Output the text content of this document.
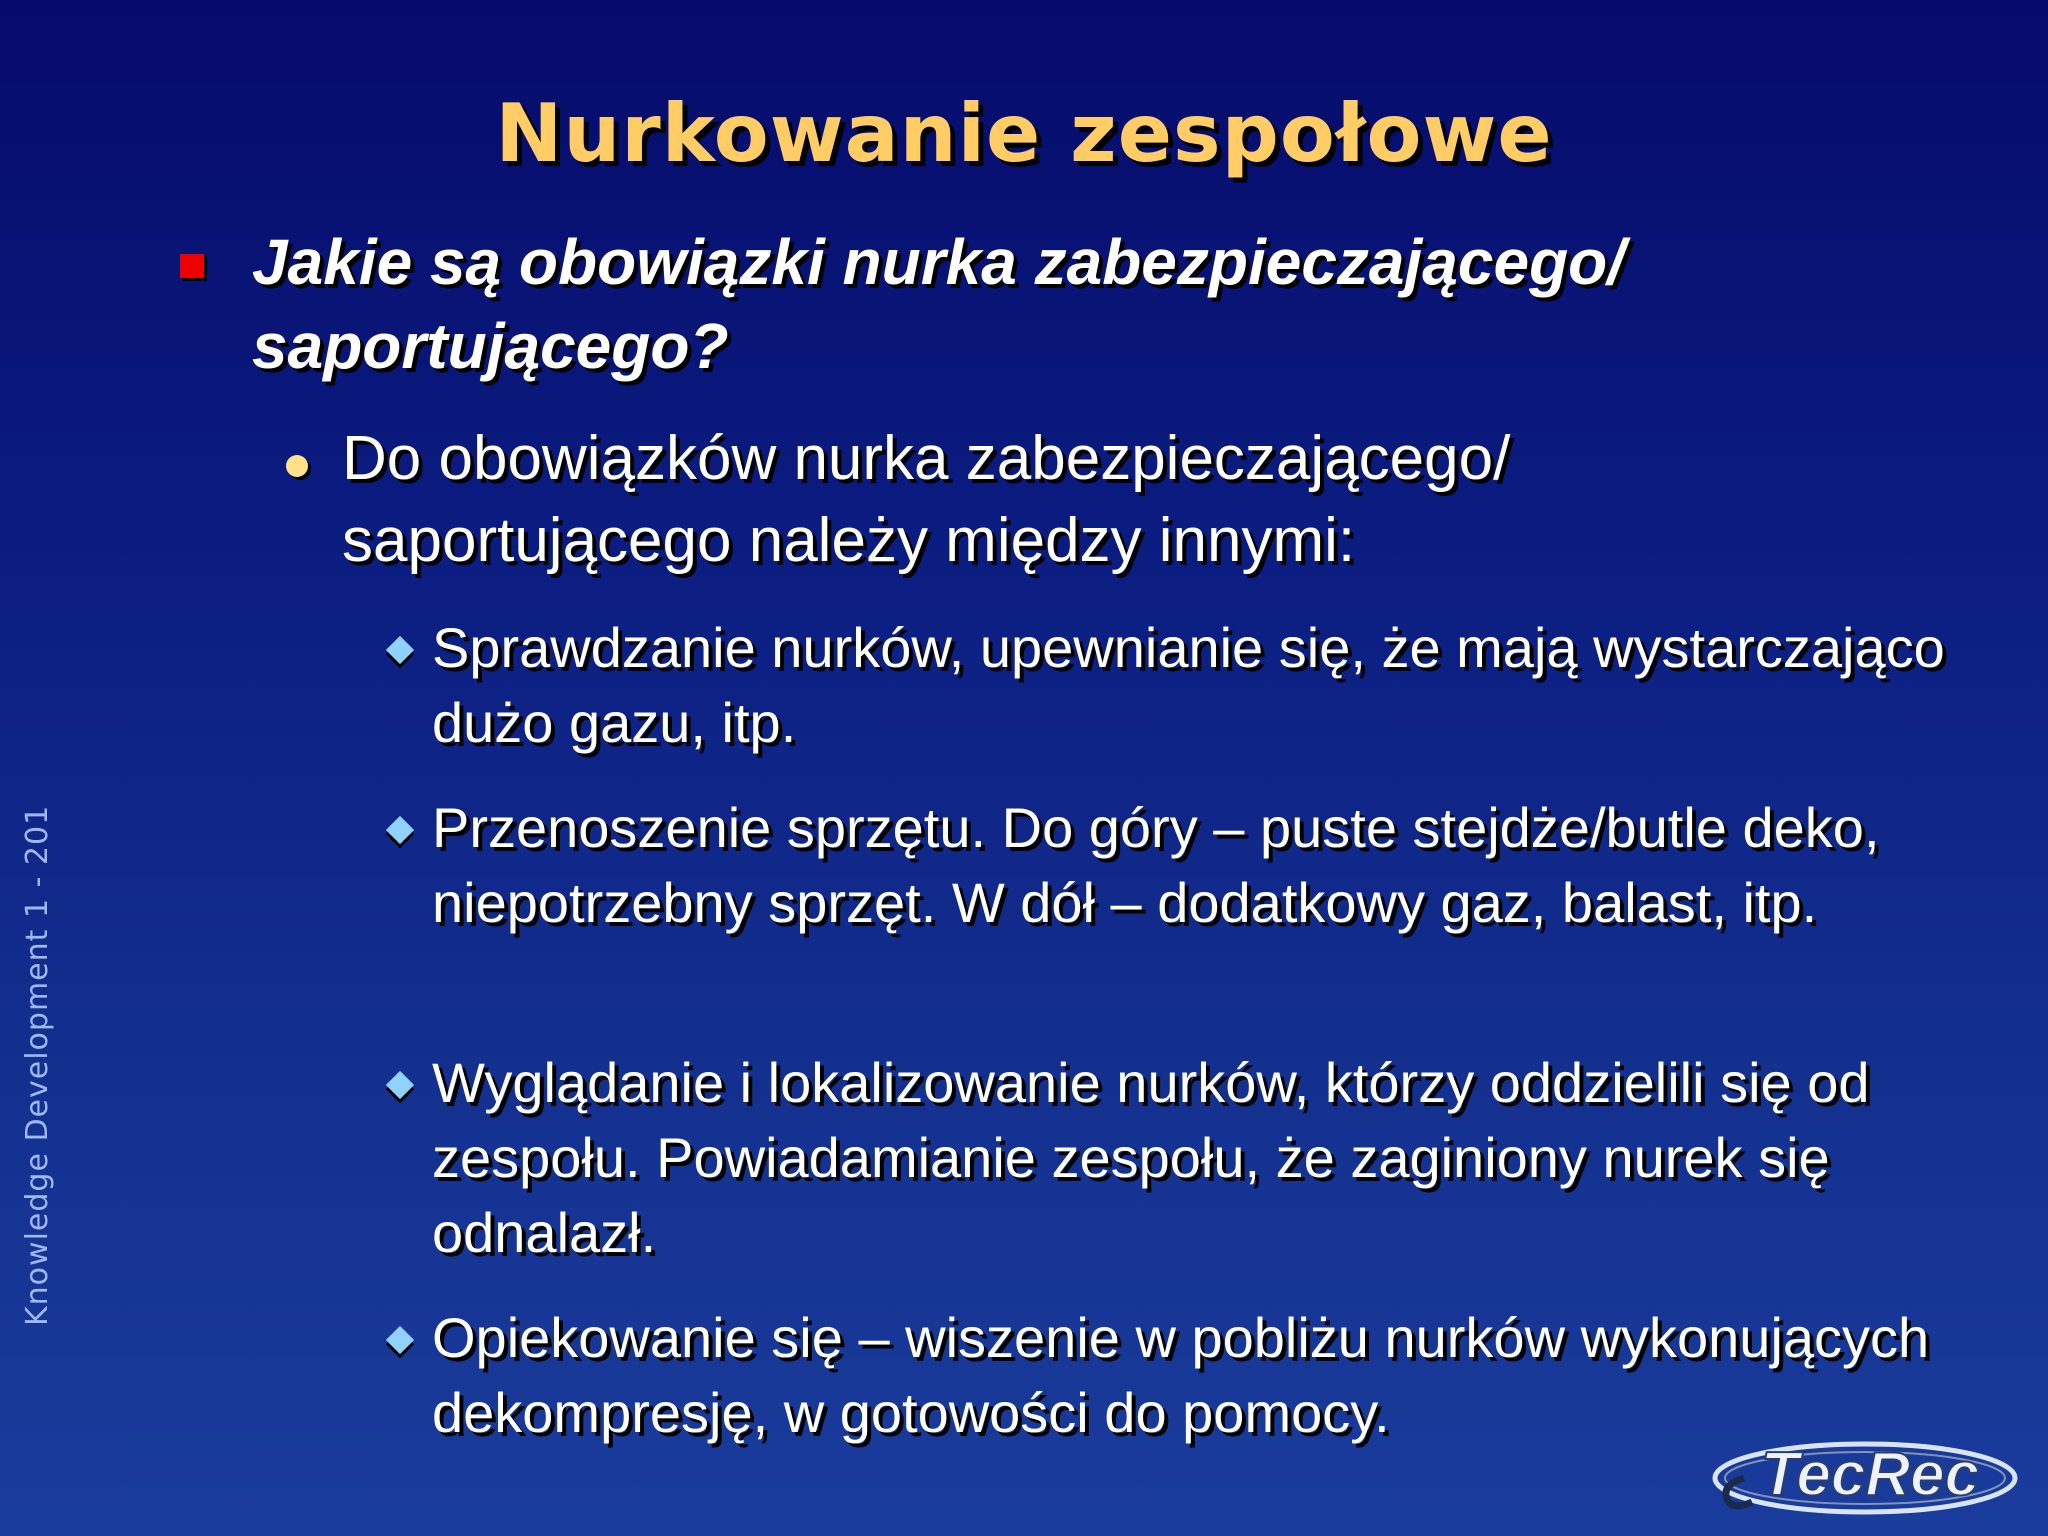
Nurkowanie zespołowe
Jakie są obowiązki nurka zabezpieczającego/ saportującego?
Do obowiązków nurka zabezpieczającego/ saportującego należy między innymi:
Sprawdzanie nurków, upewnianie się, że mają wystarczająco dużo gazu, itp.
Przenoszenie sprzętu. Do góry – puste stejdże/butle deko, niepotrzebny sprzęt. W dół – dodatkowy gaz, balast, itp.
Wyglądanie i lokalizowanie nurków, którzy oddzielili się od zespołu. Powiadamianie zespołu, że zaginiony nurek się odnalazł.
Opiekowanie się – wiszenie w pobliżu nurków wykonujących dekompresję, w gotowości do pomocy.
Knowledge Development 1 - 201
TecRec
